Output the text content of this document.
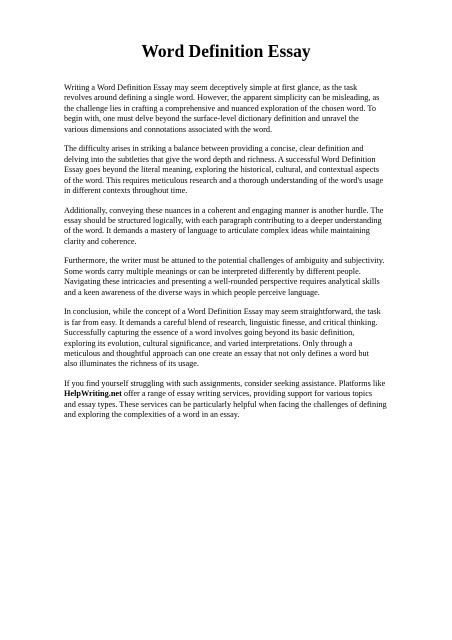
Word Definition Essay

Writing a Word Definition Essay may seem deceptively simple at first glance, as the task
revolves around defining a single word. However, the apparent simplicity can be misleading, as
the challenge lies in crafting a comprehensive and nuanced exploration of the chosen word. To
begin with, one must delve beyond the surface-level dictionary definition and unravel the
various dimensions and connotations associated with the word.

The difficulty arises in striking a balance between providing a concise, clear definition and
delving into the subtleties that give the word depth and richness. A successful Word Definition
Essay goes beyond the literal meaning, exploring the historical, cultural, and contextual aspects
of the word. This requires meticulous research and a thorough understanding of the word's usage
in different contexts throughout time.

Additionally, conveying these nuances in a coherent and engaging manner is another hurdle. The
essay should be structured logically, with each paragraph contributing to a deeper understanding
of the word. It demands a mastery of language to articulate complex ideas while maintaining
clarity and coherence.

Furthermore, the writer must be attuned to the potential challenges of ambiguity and subjectivity.
Some words carry multiple meanings or can be interpreted differently by different people.
Navigating these intricacies and presenting a well-rounded perspective requires analytical skills
and a keen awareness of the diverse ways in which people perceive language.

In conclusion, while the concept of a Word Definition Essay may seem straightforward, the task
is far from easy. It demands a careful blend of research, linguistic finesse, and critical thinking.
Successfully capturing the essence of a word involves going beyond its basic definition,
exploring its evolution, cultural significance, and varied interpretations. Only through a
meticulous and thoughtful approach can one create an essay that not only defines a word but
also illuminates the richness of its usage.

If you find yourself struggling with such assignments, consider seeking assistance. Platforms like
HelpWriting.net offer a range of essay writing services, providing support for various topics
and essay types. These services can be particularly helpful when facing the challenges of defining
and exploring the complexities of a word in an essay.
